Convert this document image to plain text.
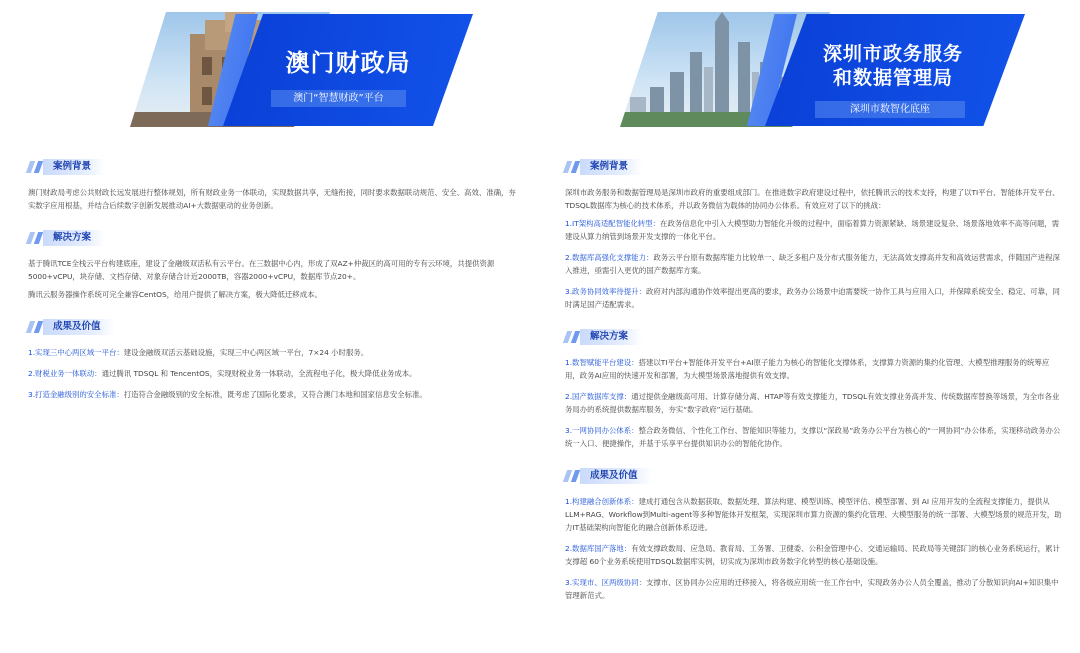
澳门财政局
澳门“智慧财政”平台
案例背景

澳门财政局考虑公共财政长远发展进行整体规划，所有财政业务一体联动，实现数据共享，无缝衔接，同时要求数据联动规范、安全、高效、准确，夯实数字应用根基，并结合后续数字创新发展推动AI+大数据驱动的业务创新。

解决方案

基于腾讯TCE全栈云平台构建底座，建设了金融级双活私有云平台。在三数据中心内，形成了双AZ+仲裁区的高可用的专有云环境，共提供资源5000+vCPU，块存储、文档存储、对象存储合计近2000TB，容器2000+vCPU，数据库节点20+。

腾讯云服务器操作系统可完全兼容CentOS，给用户提供了解决方案，极大降低迁移成本。

成果及价值

1.实现三中心两区域一平台：建设金融级双活云基础设施，实现三中心两区域一平台，7×24 小时服务。

2.财税业务一体联动：通过腾讯 TDSQL 和 TencentOS，实现财税业务一体联动，全流程电子化，极大降低业务成本。

3.打造金融级别的安全标准：打造符合金融级别的安全标准，既考虑了国际化要求，又符合澳门本地和国家信息安全标准。

深圳市政务服务
和数据管理局
深圳市数智化底座
案例背景

深圳市政务服务和数据管理局是深圳市政府的重要组成部门。在推进数字政府建设过程中，依托腾讯云的技术支持，构建了以TI平台、智能体开发平台、TDSQL数据库为核心的技术体系，并以政务微信为载体的协同办公体系。有效应对了以下的挑战：

1.IT架构高适配智能化转型：在政务信息化中引入大模型助力智能化升级的过程中，面临着算力资源紧缺、场景建设复杂、场景落地效率不高等问题，需建设从算力纳管到场景开发支撑的一体化平台。

2.数据库高强化支撑能力：政务云平台原有数据库能力比较单一、缺乏多租户及分布式服务能力，无法高效支撑高并发和高效运营需求，伴随国产进程深入推进，亟需引入更优的国产数据库方案。

3.政务协同效率待提升：政府对内部沟通协作效率提出更高的要求，政务办公场景中迫需要统一协作工具与应用入口，并保障系统安全、稳定、可靠，同时满足国产适配需求。

解决方案

1.数智赋能平台建设：搭建以TI平台+智能体开发平台+AI原子能力为核心的智能化支撑体系，支撑算力资源的集约化管理、大模型推理服务的统筹应用，政务AI应用的快速开发和部署，为大模型场景落地提供有效支撑。

2.国产数据库支撑：通过提供金融级高可用、计算存储分离、HTAP等有效支撑能力，TDSQL有效支撑业务高并发、传统数据库替换等场景，为全市各业务局办的系统提供数据库服务，夯实“数字政府”运行基础。

3.一网协同办公体系：整合政务微信、个性化工作台、智能知识等能力，支撑以“深政易”政务办公平台为核心的“一网协同”办公体系，实现移动政务办公统一入口、便捷操作，并基于乐享平台提供知识办公的智能化协作。

成果及价值

1.构建融合创新体系：建成打通包含从数据获取、数据处理、算法构建、模型训练、模型评估、模型部署、到 AI 应用开发的全流程支撑能力，提供从LLM+RAG、Workflow到Multi-agent等多种智能体开发框架，实现深圳市算力资源的集约化管理、大模型服务的统一部署、大模型场景的规范开发，助力IT基础架构向智能化的融合创新体系迈进。

2.数据库国产落地：有效支撑政数局、应急局、教育局、工务署、卫健委、公积金管理中心、交通运输局、民政局等关键部门的核心业务系统运行，累计支撑超 60个业务系统使用TDSQL数据库实例，切实成为深圳市政务数字化转型的核心基础设施。

3.实现市、区两级协同：支撑市、区协同办公应用的迁移接入，将各级应用统一在工作台中，实现政务办公人员全覆盖，推动了分散知识向AI+知识集中管理新范式。
